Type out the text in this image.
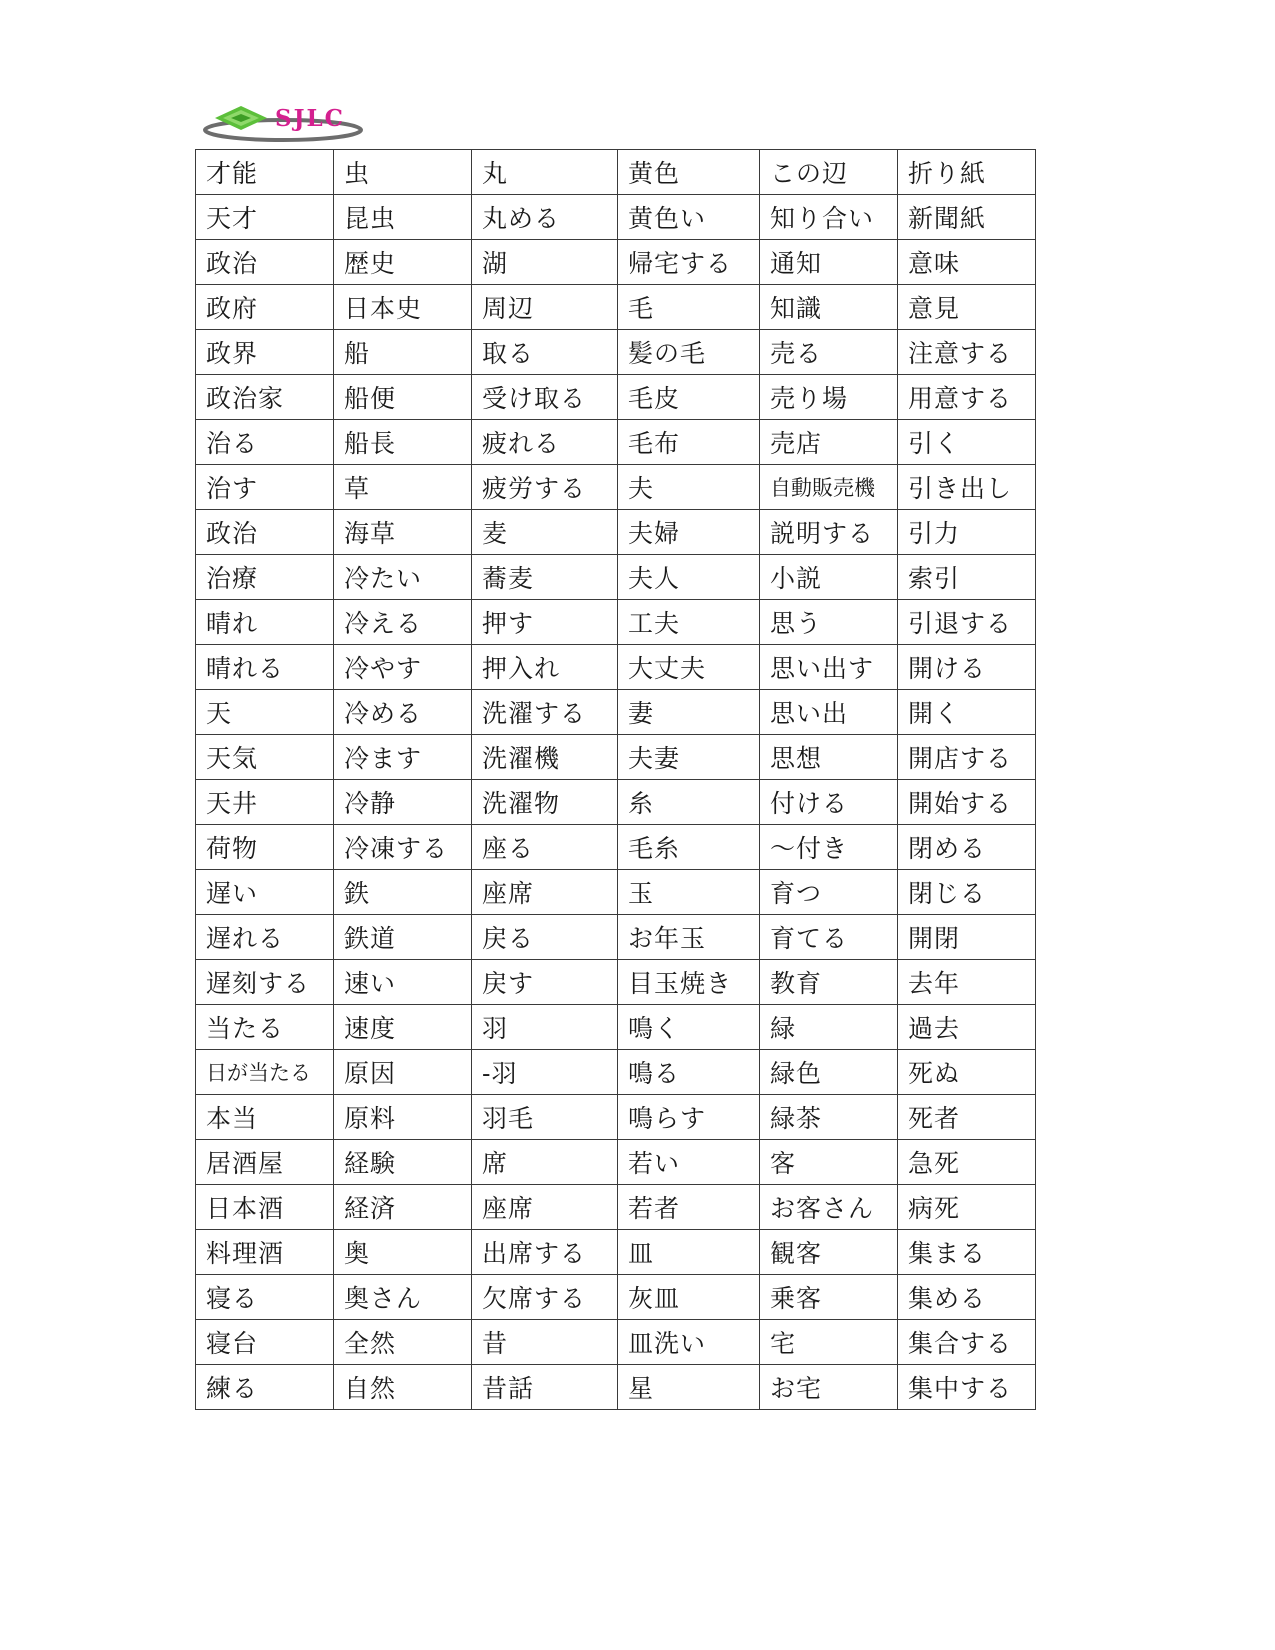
SJLC
才能	虫	丸	黄色	この辺	折り紙
天才	昆虫	丸める	黄色い	知り合い	新聞紙
政治	歴史	湖	帰宅する	通知	意味
政府	日本史	周辺	毛	知識	意見
政界	船	取る	髪の毛	売る	注意する
政治家	船便	受け取る	毛皮	売り場	用意する
治る	船長	疲れる	毛布	売店	引く
治す	草	疲労する	夫	自動販売機	引き出し
政治	海草	麦	夫婦	説明する	引力
治療	冷たい	蕎麦	夫人	小説	索引
晴れ	冷える	押す	工夫	思う	引退する
晴れる	冷やす	押入れ	大丈夫	思い出す	開ける
天	冷める	洗濯する	妻	思い出	開く
天気	冷ます	洗濯機	夫妻	思想	開店する
天井	冷静	洗濯物	糸	付ける	開始する
荷物	冷凍する	座る	毛糸	～付き	閉める
遅い	鉄	座席	玉	育つ	閉じる
遅れる	鉄道	戻る	お年玉	育てる	開閉
遅刻する	速い	戻す	目玉焼き	教育	去年
当たる	速度	羽	鳴く	緑	過去
日が当たる	原因	-羽	鳴る	緑色	死ぬ
本当	原料	羽毛	鳴らす	緑茶	死者
居酒屋	経験	席	若い	客	急死
日本酒	経済	座席	若者	お客さん	病死
料理酒	奥	出席する	皿	観客	集まる
寝る	奥さん	欠席する	灰皿	乗客	集める
寝台	全然	昔	皿洗い	宅	集合する
練る	自然	昔話	星	お宅	集中する
